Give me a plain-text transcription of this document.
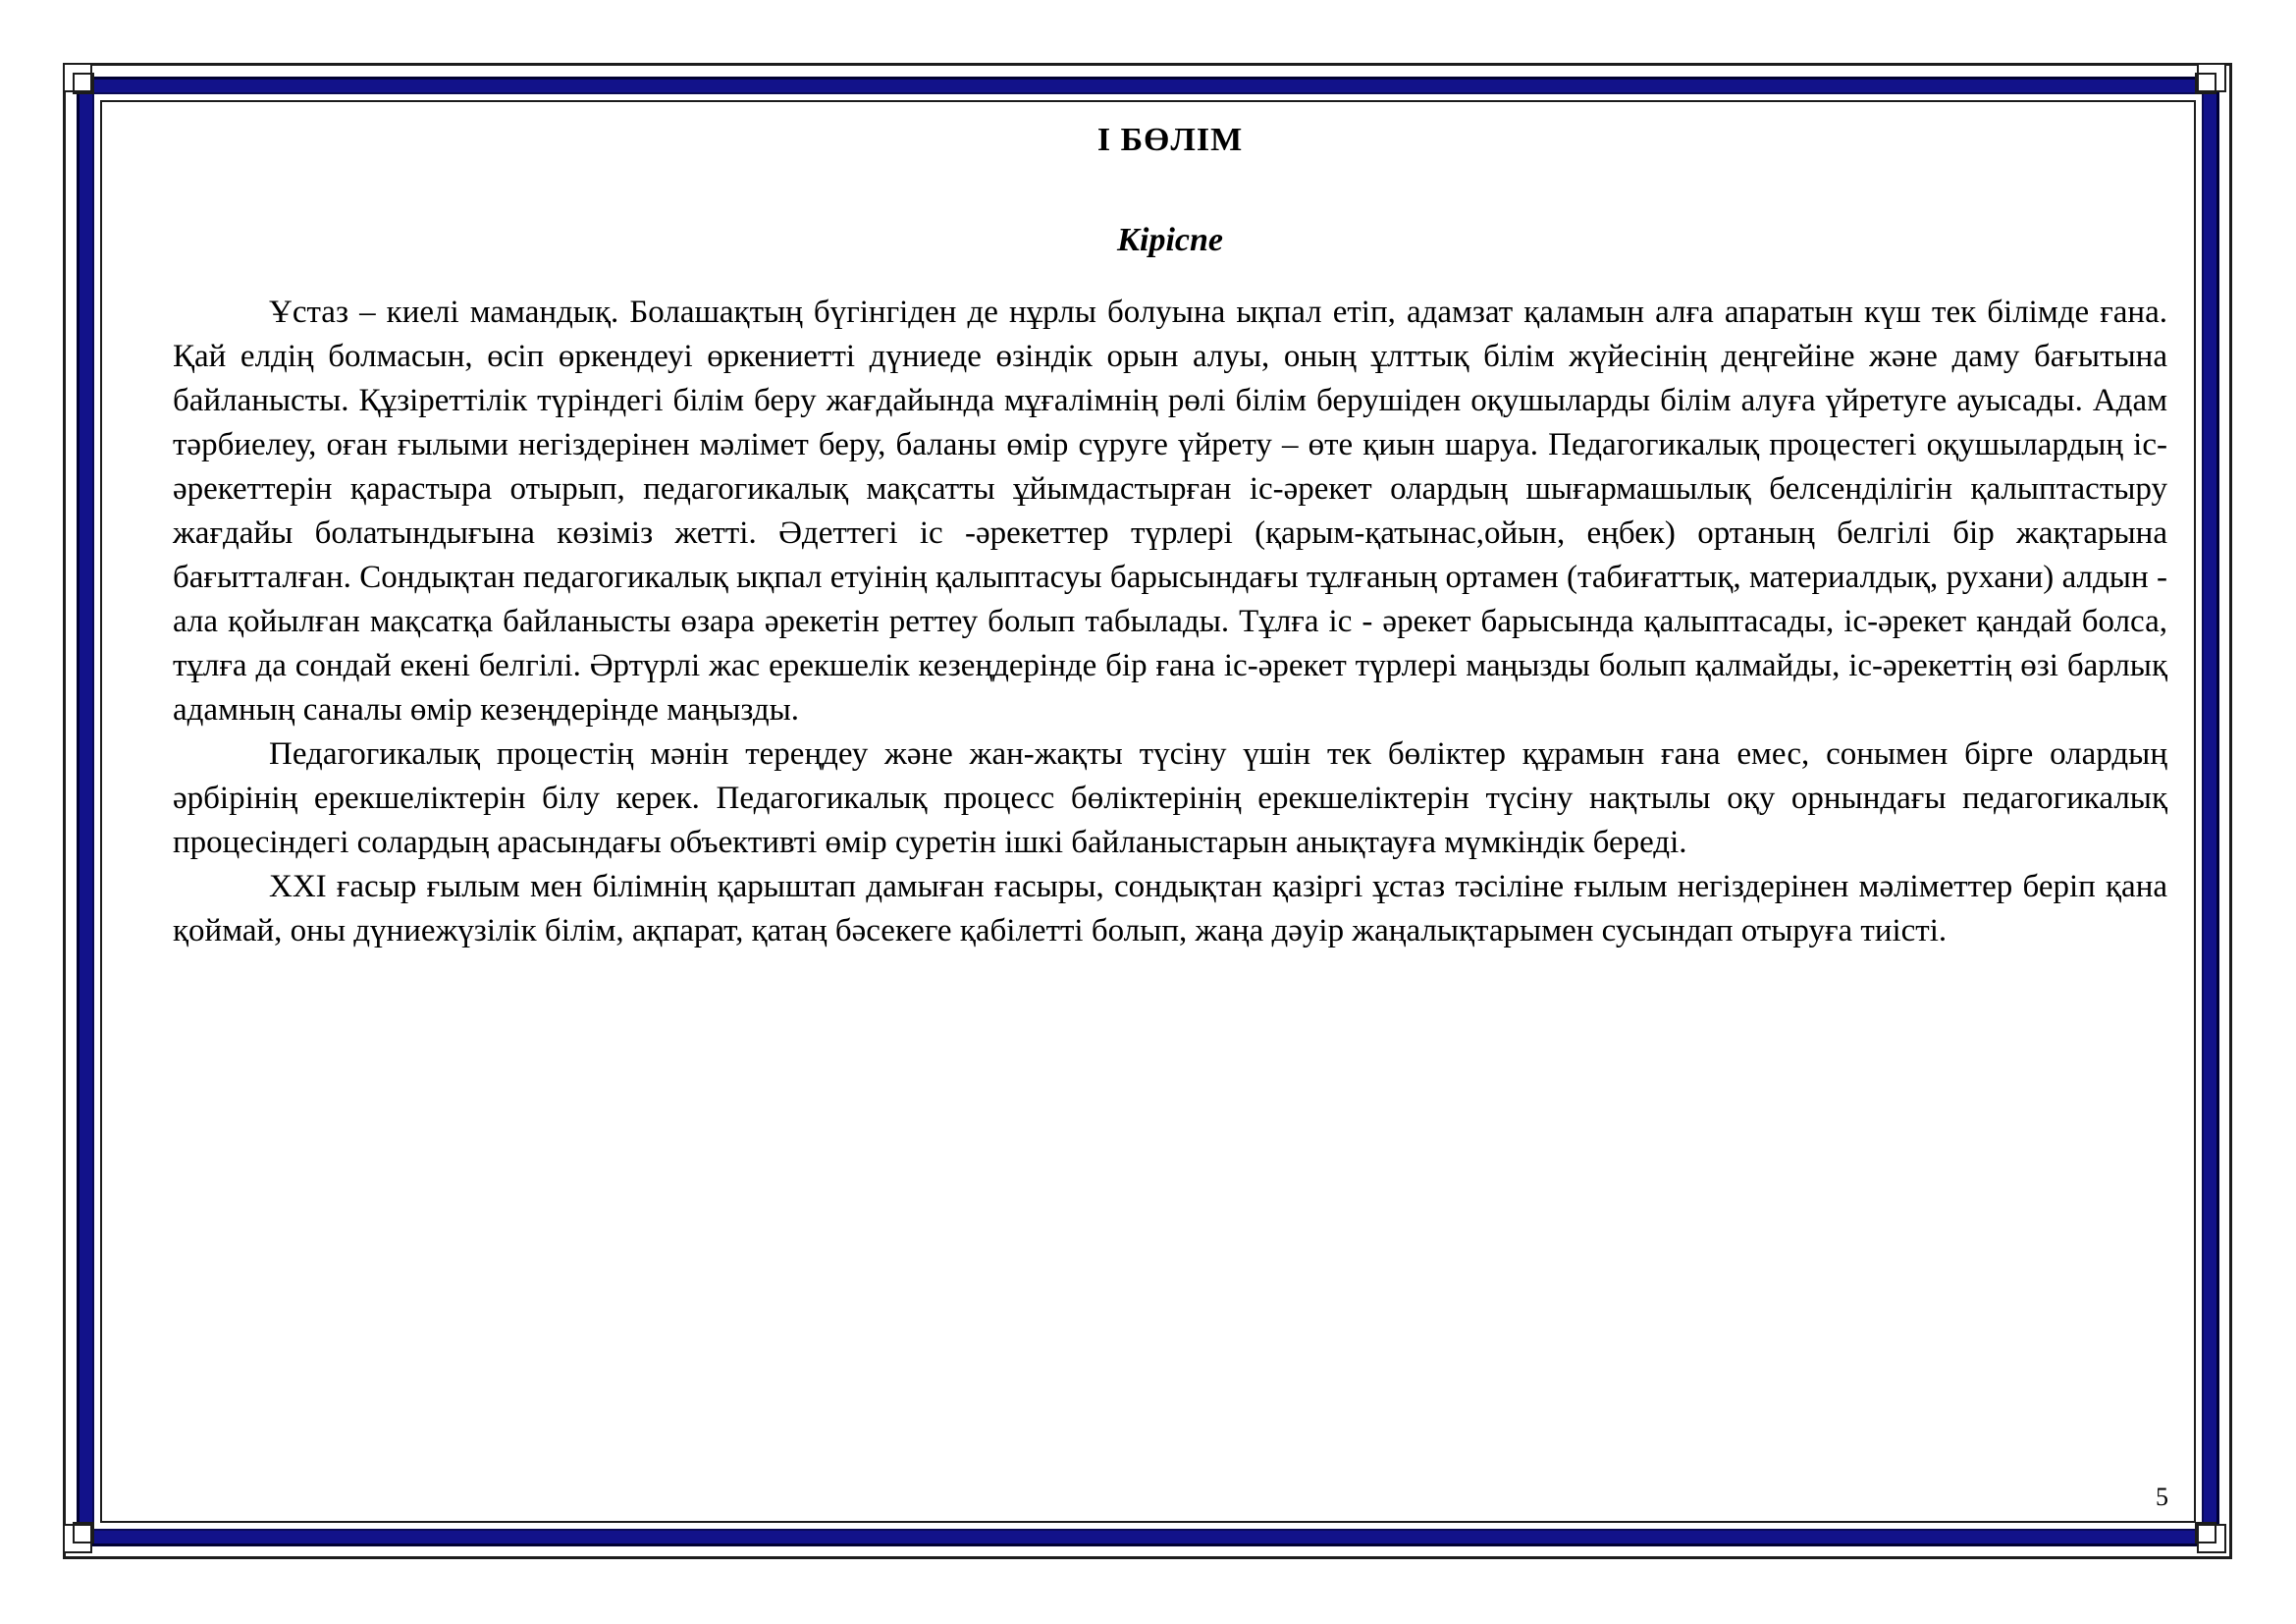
І БӨЛІМ
Кіріспе

Ұстаз – киелі мамандық. Болашақтың бүгінгіден де нұрлы болуына ықпал етіп, адамзат қаламын алға апаратын күш тек білімде ғана. Қай елдің болмасын, өсіп өркендеуі өркениетті дүниеде өзіндік орын алуы, оның ұлттық білім жүйесінің деңгейіне және даму бағытына байланысты. Құзіреттілік түріндегі білім беру жағдайында мұғалімнің рөлі білім берушіден оқушыларды білім алуға үйретуге ауысады. Адам тәрбиелеу, оған ғылыми негіздерінен мәлімет беру, баланы өмір сүруге үйрету – өте қиын шаруа. Педагогикалық процестегі оқушылардың іс-әрекеттерін қарастыра отырып, педагогикалық мақсатты ұйымдастырған іс-әрекет олардың шығармашылық белсенділігін қалыптастыру жағдайы болатындығына көзіміз жетті. Әдеттегі іс -әрекеттер түрлері (қарым-қатынас,ойын, еңбек) ортаның белгілі бір жақтарына бағытталған. Сондықтан педагогикалық ықпал етуінің қалыптасуы барысындағы тұлғаның ортамен (табиғаттық, материалдық, рухани) алдын - ала қойылған мақсатқа байланысты өзара әрекетін реттеу болып табылады. Тұлға іс - әрекет барысында қалыптасады, іс-әрекет қандай болса, тұлға да сондай екені белгілі. Әртүрлі жас ерекшелік кезеңдерінде бір ғана іс-әрекет түрлері маңызды болып қалмайды, іс-әрекеттің өзі барлық адамның саналы өмір кезеңдерінде маңызды.

Педагогикалық процестің мәнін тереңдеу және жан-жақты түсіну үшін тек бөліктер құрамын ғана емес, сонымен бірге олардың әрбірінің ерекшеліктерін білу керек. Педагогикалық процесс бөліктерінің ерекшеліктерін түсіну нақтылы оқу орнындағы педагогикалық процесіндегі солардың арасындағы объективті өмір суретін ішкі байланыстарын анықтауға мүмкіндік береді.

XXI ғасыр ғылым мен білімнің қарыштап дамыған ғасыры, сондықтан қазіргі ұстаз тәсіліне ғылым негіздерінен мәліметтер беріп қана қоймай, оны дүниежүзілік білім, ақпарат, қатаң бәсекеге қабілетті болып, жаңа дәуір жаңалықтарымен сусындап отыруға тиісті.

5
